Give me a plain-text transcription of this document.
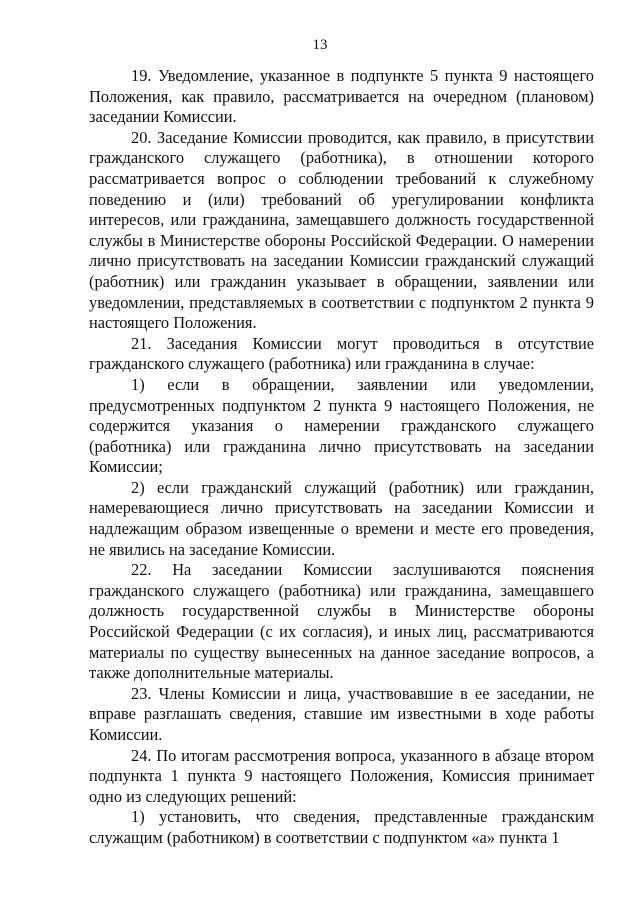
13

19. Уведомление, указанное в подпункте 5 пункта 9 настоящего Положения, как правило, рассматривается на очередном (плановом) заседании Комиссии.

20. Заседание Комиссии проводится, как правило, в присутствии гражданского служащего (работника), в отношении которого рассматривается вопрос о соблюдении требований к служебному поведению и (или) требований об урегулировании конфликта интересов, или гражданина, замещавшего должность государственной службы в Министерстве обороны Российской Федерации. О намерении лично присутствовать на заседании Комиссии гражданский служащий (работник) или гражданин указывает в обращении, заявлении или уведомлении, представляемых в соответствии с подпунктом 2 пункта 9 настоящего Положения.

21. Заседания Комиссии могут проводиться в отсутствие гражданского служащего (работника) или гражданина в случае:

1) если в обращении, заявлении или уведомлении, предусмотренных подпунктом 2 пункта 9 настоящего Положения, не содержится указания о намерении гражданского служащего (работника) или гражданина лично присутствовать на заседании Комиссии;

2) если гражданский служащий (работник) или гражданин, намеревающиеся лично присутствовать на заседании Комиссии и надлежащим образом извещенные о времени и месте его проведения, не явились на заседание Комиссии.

22. На заседании Комиссии заслушиваются пояснения гражданского служащего (работника) или гражданина, замещавшего должность государственной службы в Министерстве обороны Российской Федерации (с их согласия), и иных лиц, рассматриваются материалы по существу вынесенных на данное заседание вопросов, а также дополнительные материалы.

23. Члены Комиссии и лица, участвовавшие в ее заседании, не вправе разглашать сведения, ставшие им известными в ходе работы Комиссии.

24. По итогам рассмотрения вопроса, указанного в абзаце втором подпункта 1 пункта 9 настоящего Положения, Комиссия принимает одно из следующих решений:

1) установить, что сведения, представленные гражданским служащим (работником) в соответствии с подпунктом «а» пункта 1
